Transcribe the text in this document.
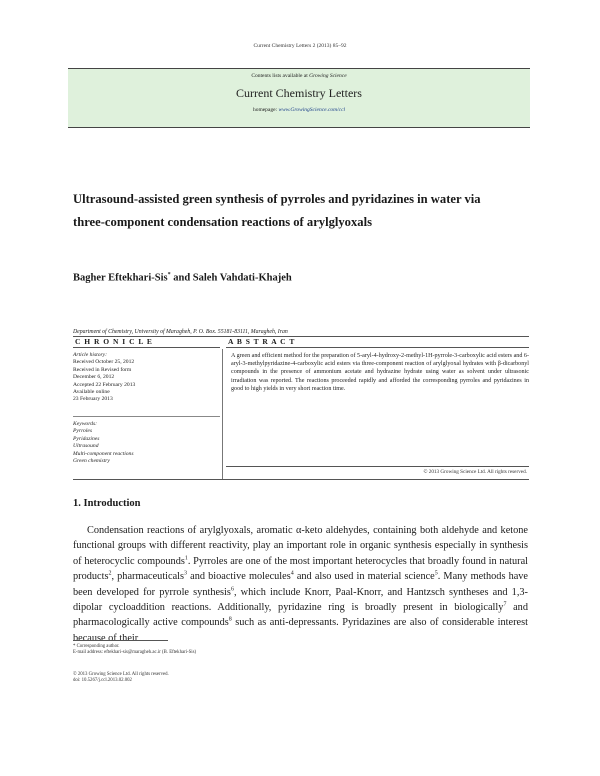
Current Chemistry Letters 2 (2013) 85–92
Contents lists available at Growing Science
Current Chemistry Letters
homepage: www.GrowingScience.com/ccl
Ultrasound-assisted green synthesis of pyrroles and pyridazines in water via
three-component condensation reactions of arylglyoxals
Bagher Eftekhari-Sis* and Saleh Vahdati-Khajeh
Department of Chemistry, University of Maragheh, P. O. Box. 55181-83111, Maragheh, Iran
C H R O N I C L E	A B S T R A C T
Article history:
Received October 25, 2012
Received in Revised form
December 6, 2012
Accepted 22 February 2013
Available online
23 February 2013
Keywords:
Pyrroles
Pyridazines
Ultrasound
Multi-component reactions
Green chemistry
A green and efficient method for the preparation of 5-aryl-4-hydroxy-2-methyl-1H-pyrrole-3-carboxylic acid esters and 6-aryl-3-methylpyridazine-4-carboxylic acid esters via three-component reaction of arylglyoxal hydrates with β-dicarbonyl compounds in the presence of ammonium acetate and hydrazine hydrate using water as solvent under ultrasonic irradiation was reported. The reactions proceeded rapidly and afforded the corresponding pyrroles and pyridazines in good to high yields in very short reaction time.
© 2013 Growing Science Ltd. All rights reserved.
1. Introduction
Condensation reactions of arylglyoxals, aromatic α-keto aldehydes, containing both aldehyde and ketone functional groups with different reactivity, play an important role in organic synthesis especially in synthesis of heterocyclic compounds$^1$. Pyrroles are one of the most important heterocycles that broadly found in natural products$^2$, pharmaceuticals$^3$ and bioactive molecules$^4$ and also used in material science$^5$. Many methods have been developed for pyrrole synthesis$^6$, which include Knorr, Paal-Knorr, and Hantzsch syntheses and 1,3-dipolar cycloaddition reactions. Additionally, pyridazine ring is broadly present in biologically$^7$ and pharmacologically active compounds$^8$ such as anti-depressants. Pyridazines are also of considerable interest because of their
* Corresponding author.
E-mail address: eftekhari-sis@maragheh.ac.ir (B. Eftekhari-Sis)
© 2013 Growing Science Ltd. All rights reserved.
doi: 10.5267/j.ccl.2013.02.002
